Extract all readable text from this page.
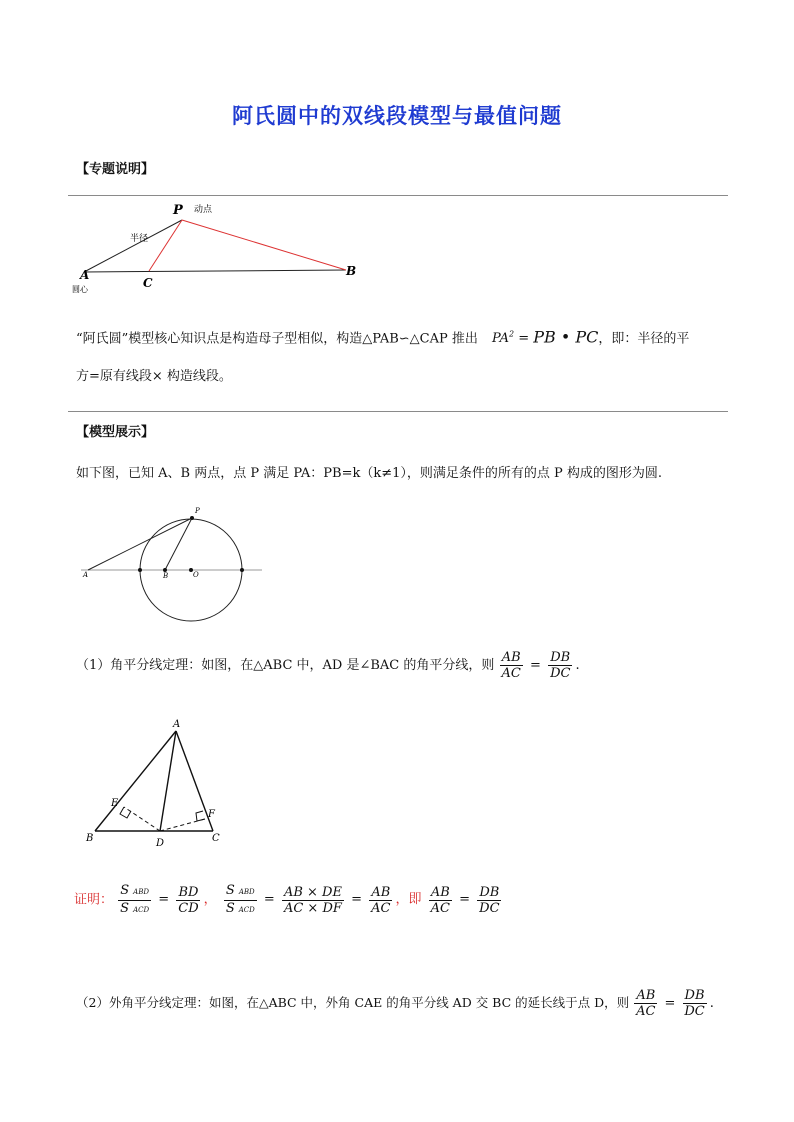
阿氏圆中的双线段模型与最值问题
【专题说明】
P 动点
半径
A
圆心	C
B
“阿氏圆”模型核心知识点是构造母子型相似，构造△PAB∽△CAP 推出 $PA^2$ = PB • PC，即：半径的平
方=原有线段× 构造线段。
【模型展示】
如下图，已知 A、B 两点，点 P 满足 PA：PB=k（k≠1），则满足条件的所有的点 P 构成的图形为圆.
P
A	B	O
（1）角平分线定理：如图，在△ABC 中，AD 是∠BAC 的角平分线，则 $\frac{AB}{AC} = \frac{DB}{DC}$ .
A
B	C
D
E
F
证明： $\frac{\text{S ABD}}{\text{S ACD}} = \frac{BD}{CD}$ ， $\frac{\text{S ABD}}{\text{S ACD}} = \frac{AB \times DE}{AC \times DF} = \frac{AB}{AC}$ ，即 $\frac{AB}{AC} = \frac{DB}{DC}$
（2）外角平分线定理：如图，在△ABC 中，外角 CAE 的角平分线 AD 交 BC 的延长线于点 D，则 $\frac{AB}{AC} = \frac{DB}{DC}$ .
